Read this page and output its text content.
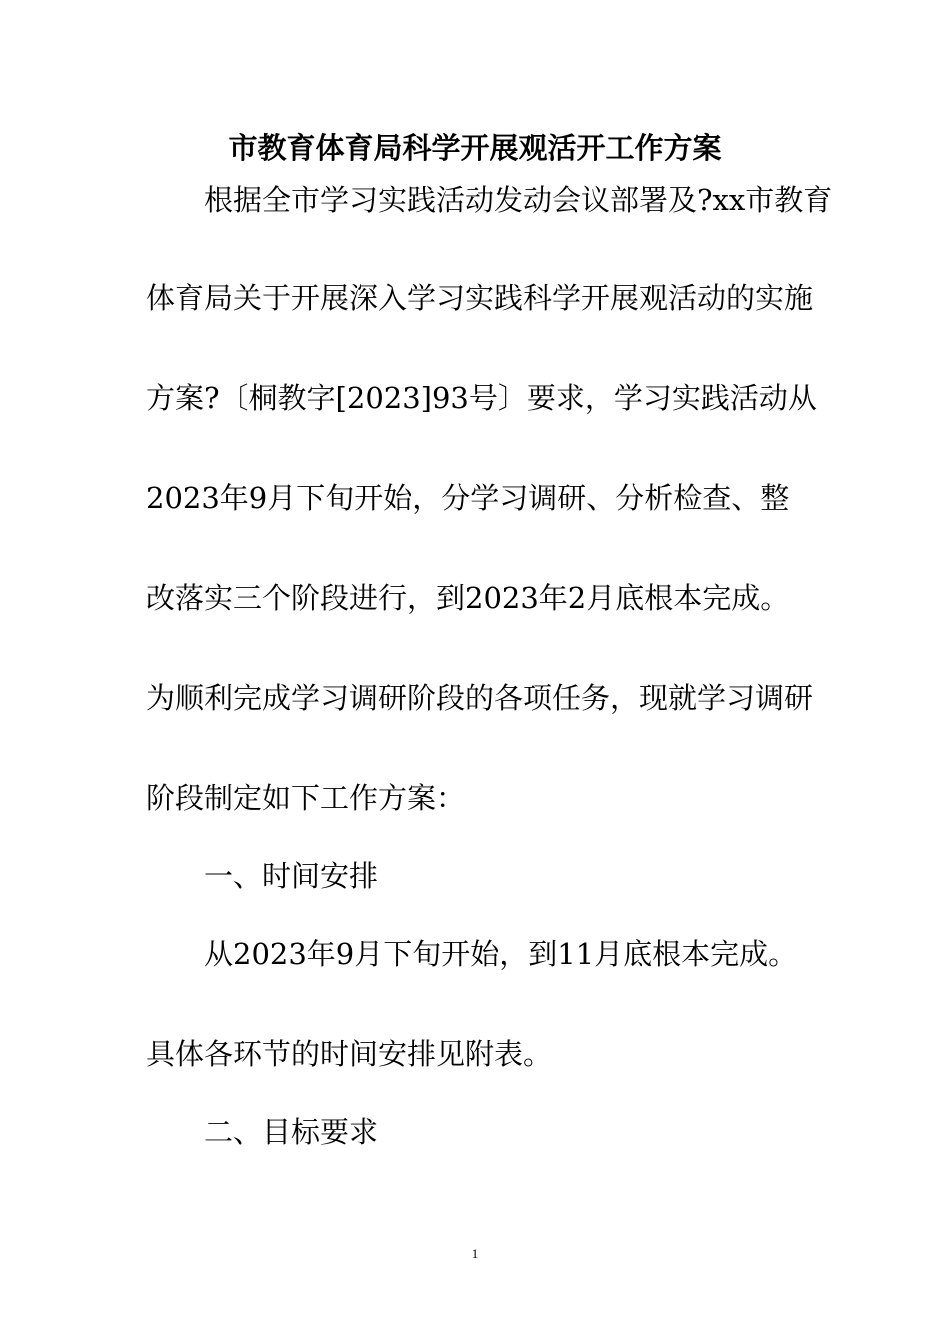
市教育体育局科学开展观活开工作方案
根据全市学习实践活动发动会议部署及?xx市教育
体育局关于开展深入学习实践科学开展观活动的实施
方案?〔桐教字[2023]93号〕要求，学习实践活动从
2023年9月下旬开始，分学习调研、分析检查、整
改落实三个阶段进行，到2023年2月底根本完成。
为顺利完成学习调研阶段的各项任务，现就学习调研
阶段制定如下工作方案：
一、时间安排
从2023年9月下旬开始，到11月底根本完成。
具体各环节的时间安排见附表。
二、目标要求
1
